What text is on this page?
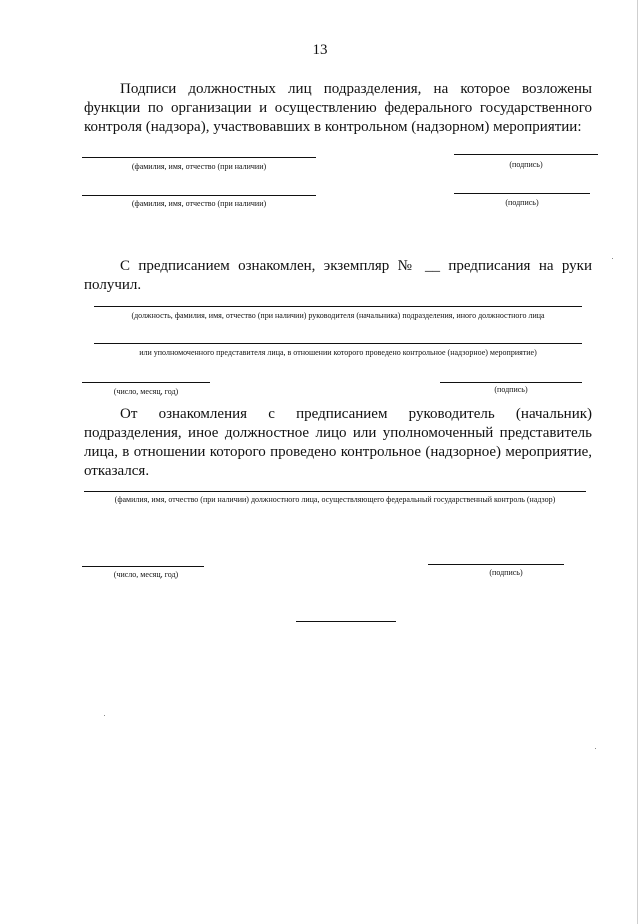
13
Подписи должностных лиц подразделения, на которое возложены функции по организации и осуществлению федерального государственного контроля (надзора), участвовавших в контрольном (надзорном) мероприятии:
(фамилия, имя, отчество (при наличии)	(подпись)
(фамилия, имя, отчество (при наличии)	(подпись)
С предписанием ознакомлен, экземпляр № __ предписания на руки получил.
(должность, фамилия, имя, отчество (при наличии) руководителя (начальника) подразделения, иного должностного лица
или уполномоченного представителя лица, в отношении которого проведено контрольное (надзорное) мероприятие)
(число, месяц, год)	(подпись)
От ознакомления с предписанием руководитель (начальник) подразделения, иное должностное лицо или уполномоченный представитель лица, в отношении которого проведено контрольное (надзорное) мероприятие, отказался.
(фамилия, имя, отчество (при наличии) должностного лица, осуществляющего федеральный государственный контроль (надзор)
(число, месяц, год)	(подпись)
